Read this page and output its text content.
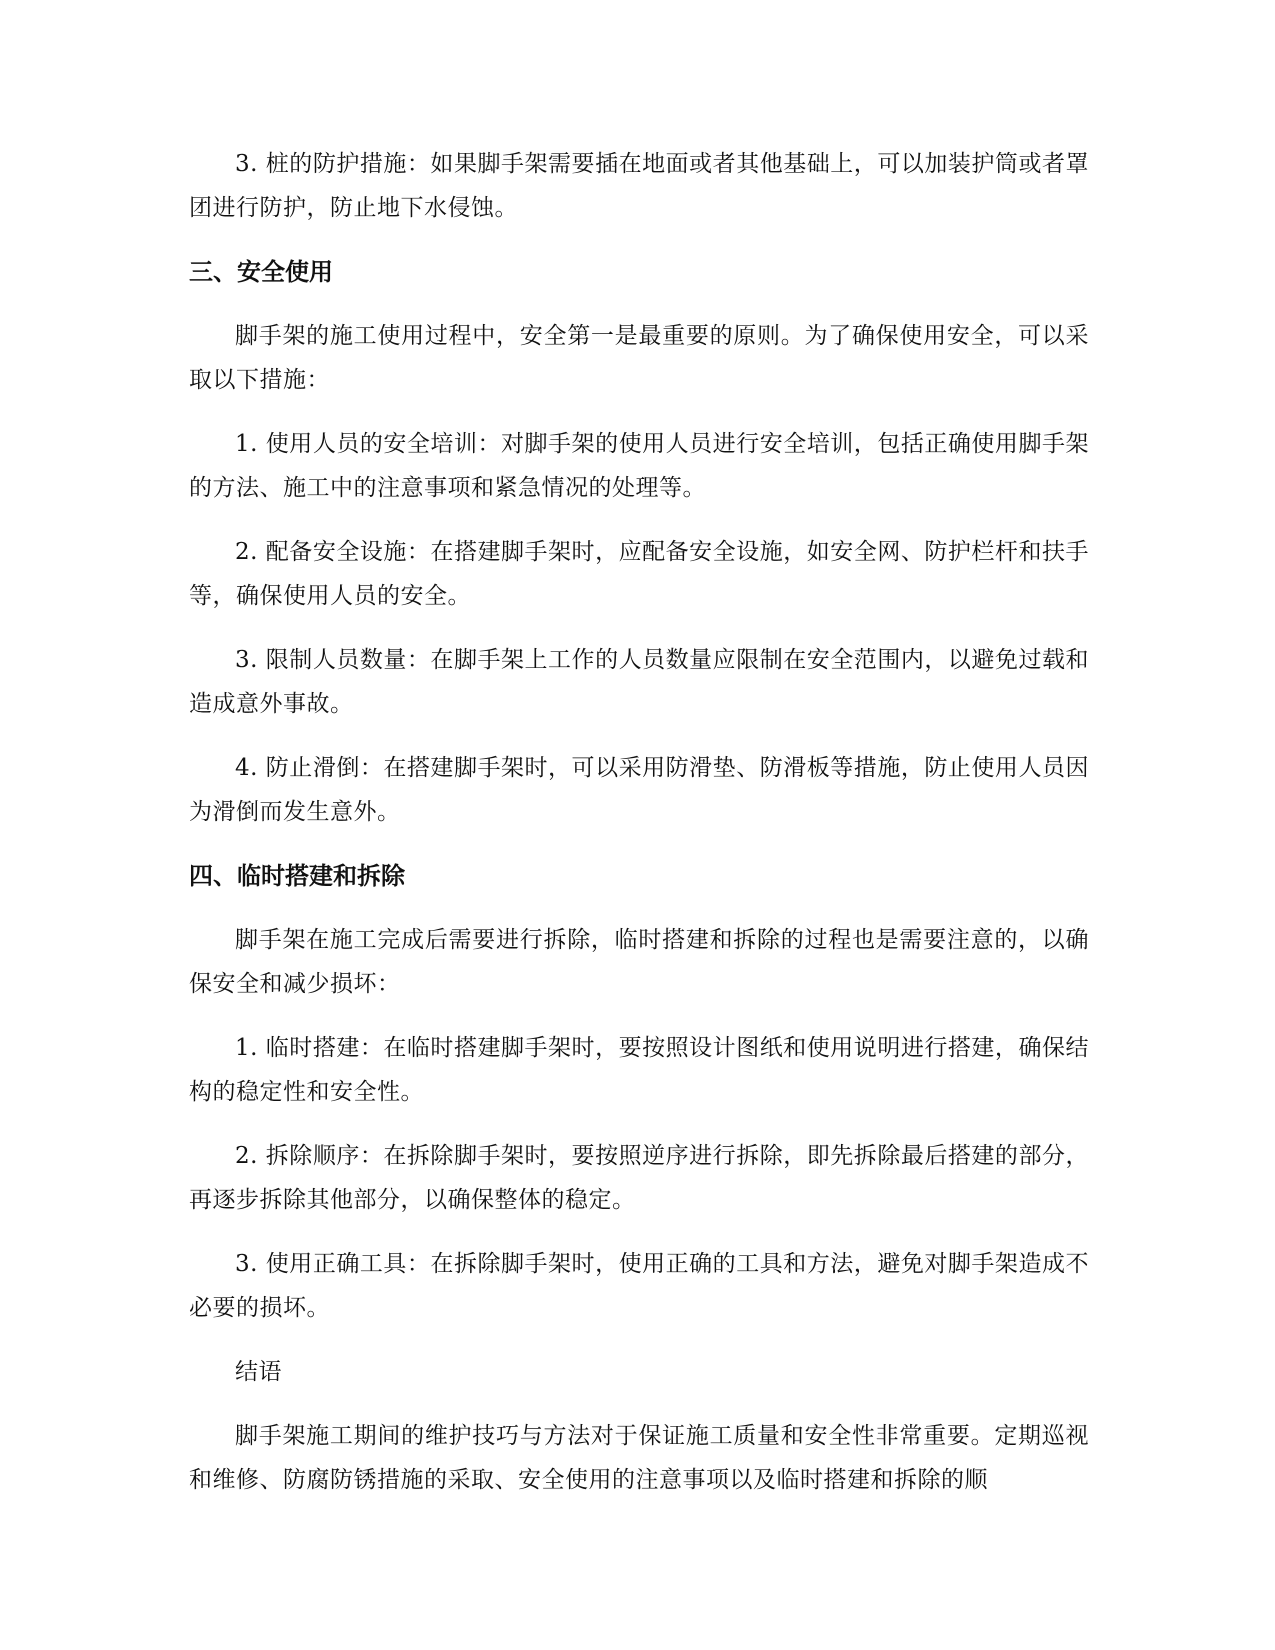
3. 桩的防护措施：如果脚手架需要插在地面或者其他基础上，可以加装护筒或者罩团进行防护，防止地下水侵蚀。

三、安全使用

脚手架的施工使用过程中，安全第一是最重要的原则。为了确保使用安全，可以采取以下措施：

1. 使用人员的安全培训：对脚手架的使用人员进行安全培训，包括正确使用脚手架的方法、施工中的注意事项和紧急情况的处理等。

2. 配备安全设施：在搭建脚手架时，应配备安全设施，如安全网、防护栏杆和扶手等，确保使用人员的安全。

3. 限制人员数量：在脚手架上工作的人员数量应限制在安全范围内，以避免过载和造成意外事故。

4. 防止滑倒：在搭建脚手架时，可以采用防滑垫、防滑板等措施，防止使用人员因为滑倒而发生意外。

四、临时搭建和拆除

脚手架在施工完成后需要进行拆除，临时搭建和拆除的过程也是需要注意的，以确保安全和减少损坏：

1. 临时搭建：在临时搭建脚手架时，要按照设计图纸和使用说明进行搭建，确保结构的稳定性和安全性。

2. 拆除顺序：在拆除脚手架时，要按照逆序进行拆除，即先拆除最后搭建的部分，再逐步拆除其他部分，以确保整体的稳定。

3. 使用正确工具：在拆除脚手架时，使用正确的工具和方法，避免对脚手架造成不必要的损坏。

结语

脚手架施工期间的维护技巧与方法对于保证施工质量和安全性非常重要。定期巡视和维修、防腐防锈措施的采取、安全使用的注意事项以及临时搭建和拆除的顺
